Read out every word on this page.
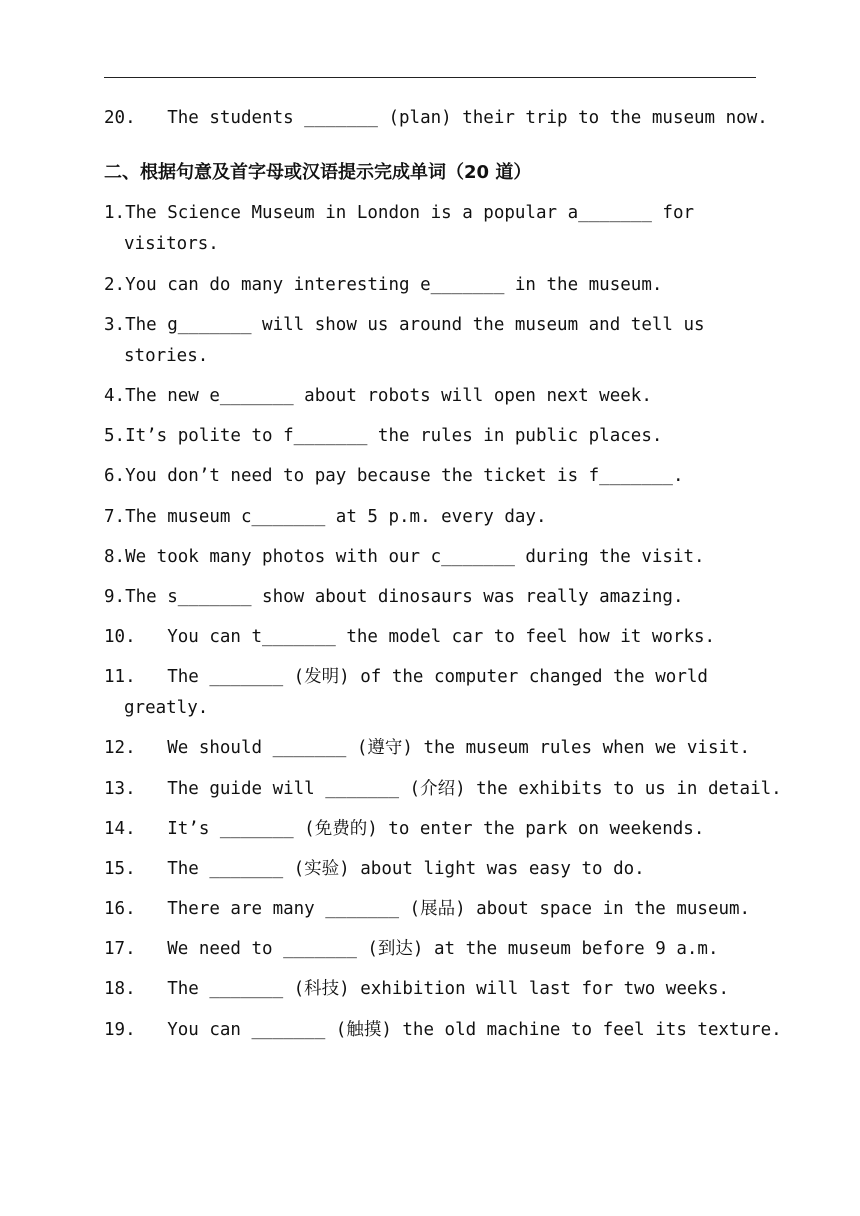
20.   The students _______ (plan) their trip to the museum now.
二、根据句意及首字母或汉语提示完成单词（20 道）
1.The Science Museum in London is a popular a_______ for
visitors.
2.You can do many interesting e_______ in the museum.
3.The g_______ will show us around the museum and tell us
stories.
4.The new e_______ about robots will open next week.
5.It’s polite to f_______ the rules in public places.
6.You don’t need to pay because the ticket is f_______.
7.The museum c_______ at 5 p.m. every day.
8.We took many photos with our c_______ during the visit.
9.The s_______ show about dinosaurs was really amazing.
10.   You can t_______ the model car to feel how it works.
11.   The _______ (发明) of the computer changed the world
greatly.
12.   We should _______ (遵守) the museum rules when we visit.
13.   The guide will _______ (介绍) the exhibits to us in detail.
14.   It’s _______ (免费的) to enter the park on weekends.
15.   The _______ (实验) about light was easy to do.
16.   There are many _______ (展品) about space in the museum.
17.   We need to _______ (到达) at the museum before 9 a.m.
18.   The _______ (科技) exhibition will last for two weeks.
19.   You can _______ (触摸) the old machine to feel its texture.
